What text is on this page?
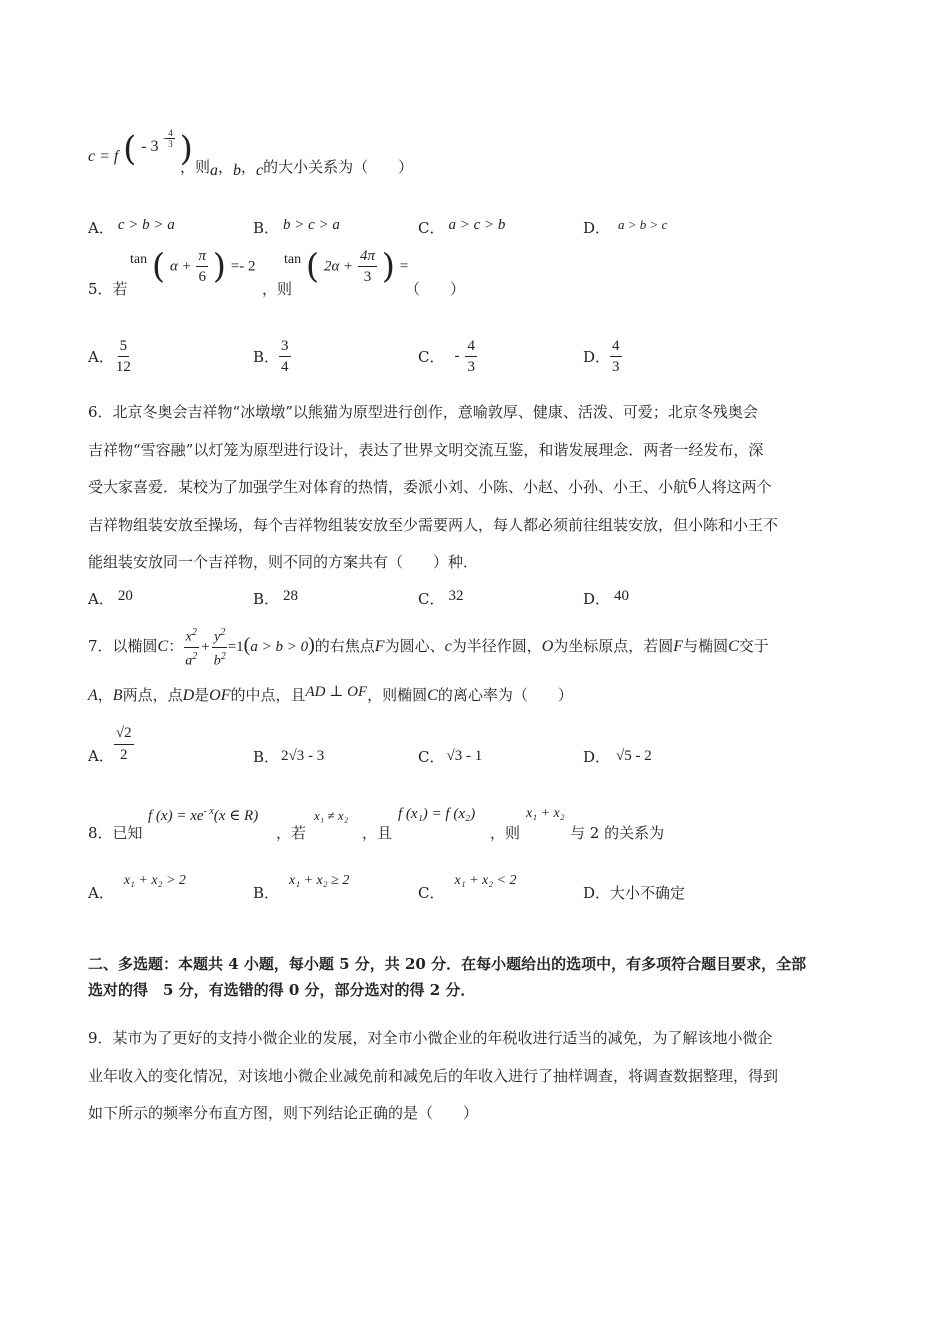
c = f ( - $3 - \frac{4}{3}$ )
，则a，b，c的大小关系为（　　）
A． c > b > a	B． b > c > a	C． a > c > b	D． a > b > c
5．若
tan ( $\alpha + \frac{\pi}{6}$ ) =- 2
，则
tan ( $2\alpha + \frac{4\pi}{3}$ ) =
（　　）
A． $\frac{5}{12}$	B． $\frac{3}{4}$	C． - $\frac{4}{3}$	D． $\frac{4}{3}$
6．北京冬奥会吉祥物“冰墩墩”以熊猫为原型进行创作，意喻敦厚、健康、活泼、可爱；北京冬残奥会
吉祥物“雪容融”以灯笼为原型进行设计，表达了世界文明交流互鉴，和谐发展理念．两者一经发布，深
受大家喜爱．某校为了加强学生对体育的热情，委派小刘、小陈、小赵、小孙、小王、小航6人将这两个
吉祥物组装安放至操场，每个吉祥物组装安放至少需要两人，每人都必须前往组装安放，但小陈和小王不
能组装安放同一个吉祥物，则不同的方案共有（　　）种．
A． 20	B． 28	C． 32	D． 40
7．以椭圆C： $\frac{x^2}{a^2} + \frac{y^2}{b^2} =1(a > b > 0)$的右焦点F为圆心、c为半径作圆，O为坐标原点，若圆F与椭圆C交于
A，B两点，点D是OF的中点，且AD ⊥ OF，则椭圆C的离心率为（　　）
A． $\frac{√2}{2}$	B． 2√3 - 3	C． √3 - 1	D． √5 - 2
8．已知
f $(x) = xe^{- x}(x$ ∈ R)
，若
x₁ ≠ x₂
，且
f (x₁) = f (x₂)
，则
x₁ + x₂
与 2 的关系为
A．x₁ + x₂ > 2
B．x₁ + x₂ ≥ 2
C．x₁ + x₂ < 2
D．大小不确定
二、多选题：本题共 4 小题，每小题 5 分，共 20 分．在每小题给出的选项中，有多项符合题目要求，全部
选对的得　5 分，有选错的得 0 分，部分选对的得 2 分．
9．某市为了更好的支持小微企业的发展，对全市小微企业的年税收进行适当的减免，为了解该地小微企
业年收入的变化情况，对该地小微企业减免前和减免后的年收入进行了抽样调查，将调查数据整理，得到
如下所示的频率分布直方图，则下列结论正确的是（　　）
